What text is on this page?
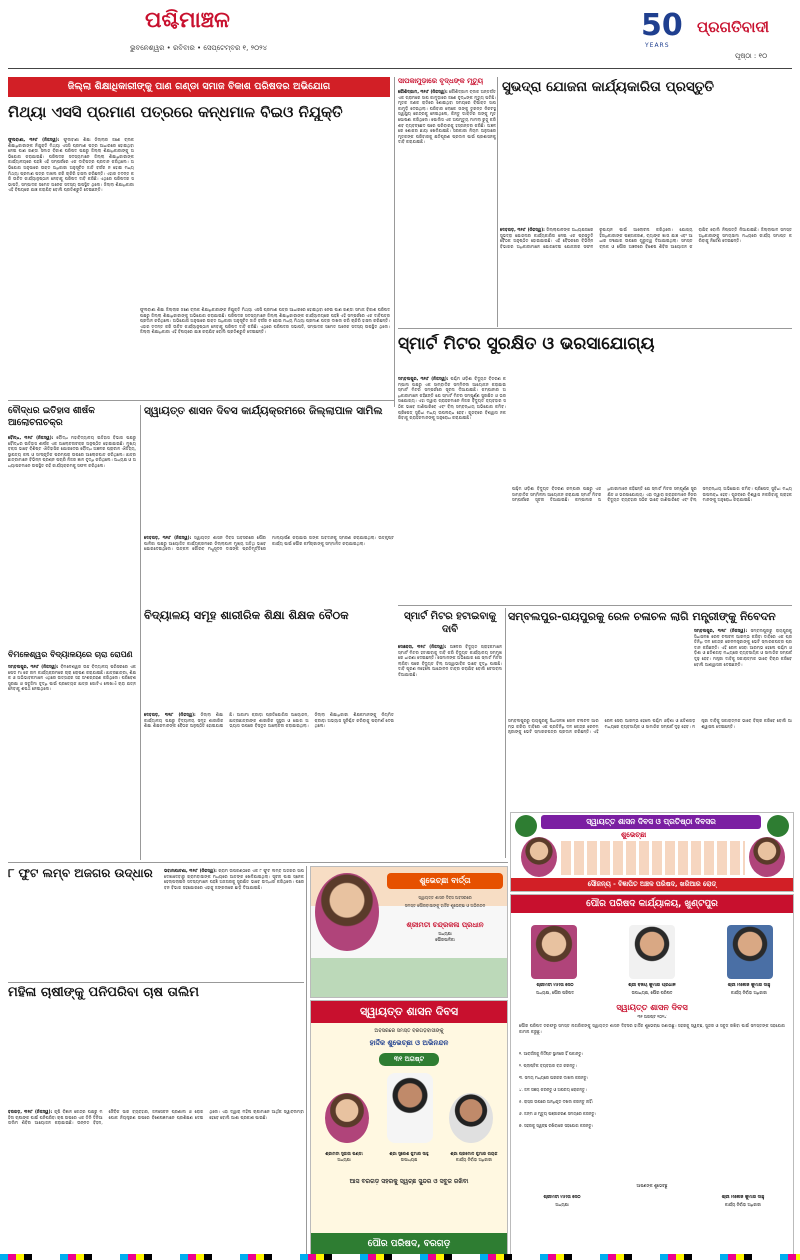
ପଶ୍ଚିମାଞ୍ଚଳ
ଭୁବନେଶ୍ୱର • ରବିବାର • ସେପ୍ଟେମ୍ବର ୧, ୨୦୨୪
50
YEARS
ପ୍ରଗତିବାଦୀ
ପୃଷ୍ଠା : ୧୦
ଜିଲ୍ଲା ଶିକ୍ଷାଧିକାରୀଙ୍କୁ ପାଣ ଗଣ୍ଡା ସମାଜ ବିକାଶ ପରିଷଦର ଅଭିଯୋଗ
ମିଥ୍ୟା ଏସସି ପ୍ରମାଣ ପତ୍ରରେ କନ୍ଧମାଳ ବିଇଓ ନିଯୁକ୍ତି
ଫୁଲବାଣୀ, ୩୧ା୮ (ନିଜସ୍ୱ): ଫୁଲବାଣୀ ଶିକ୍ଷା ଜିଲ୍ଲାର ଜଣେ ବ୍ଲକ ଶିକ୍ଷାଧିକାରୀଙ୍କ ନିଯୁକ୍ତି ମିଥ୍ୟା ଏସସି ପ୍ରମାଣ ପତ୍ର ଆଧାରରେ ହୋଇଥିବା ନେଇ ପାଣ ଗଣ୍ଡା ସମାଜ ବିକାଶ ପରିଷଦ ପକ୍ଷରୁ ଜିଲ୍ଲା ଶିକ୍ଷାଧିକାରୀଙ୍କୁ ଅଭିଯୋଗ କରାଯାଇଛି। ପରିଷଦର ସଦସ୍ୟମାନେ ଜିଲ୍ଲା ଶିକ୍ଷାଧିକାରୀଙ୍କ କାର୍ଯ୍ୟାଳୟରେ ପହଞ୍ଚି ଏହି ସମ୍ପର୍କରେ ଏକ ଦାବିପତ୍ର ପ୍ରଦାନ କରିଥିଲେ। ଅଭିଯୋଗ ଅନୁସାରେ ଉକ୍ତ ଅଧିକାରୀ ଅନୁସୂଚିତ ଜାତି ବର୍ଗର ନ ହୋଇ ମଧ୍ୟ ମିଥ୍ୟା ପ୍ରମାଣ ପତ୍ର ଦାଖଲ କରି ଚାକିରି ହାସଲ କରିଛନ୍ତି। ଏହାର ତଦନ୍ତ କରି ଉଚିତ କାର୍ଯ୍ୟାନୁଷ୍ଠାନ ନେବାକୁ ପରିଷଦ ଦାବି କରିଛି। ଏଥିରେ ପରିଷଦର ସଭାପତି, ସମ୍ପାଦକ ସମେତ ଅନେକ ସଦସ୍ୟ ଉପସ୍ଥିତ ଥିଲେ। ଜିଲ୍ଲା ଶିକ୍ଷାଧିକାରୀ ଏହି ବିଷୟରେ ଯାଞ୍ଚ କରାଯିବ ବୋଲି ପ୍ରତିଶ୍ରୁତି ଦେଇଛନ୍ତି।
ଫୁଲବାଣୀ ଶିକ୍ଷା ଜିଲ୍ଲାର ଜଣେ ବ୍ଲକ ଶିକ୍ଷାଧିକାରୀଙ୍କ ନିଯୁକ୍ତି ମିଥ୍ୟା ଏସସି ପ୍ରମାଣ ପତ୍ର ଆଧାରରେ ହୋଇଥିବା ନେଇ ପାଣ ଗଣ୍ଡା ସମାଜ ବିକାଶ ପରିଷଦ ପକ୍ଷରୁ ଜିଲ୍ଲା ଶିକ୍ଷାଧିକାରୀଙ୍କୁ ଅଭିଯୋଗ କରାଯାଇଛି। ପରିଷଦର ସଦସ୍ୟମାନେ ଜିଲ୍ଲା ଶିକ୍ଷାଧିକାରୀଙ୍କ କାର୍ଯ୍ୟାଳୟରେ ପହଞ୍ଚି ଏହି ସମ୍ପର୍କରେ ଏକ ଦାବିପତ୍ର ପ୍ରଦାନ କରିଥିଲେ। ଅଭିଯୋଗ ଅନୁସାରେ ଉକ୍ତ ଅଧିକାରୀ ଅନୁସୂଚିତ ଜାତି ବର୍ଗର ନ ହୋଇ ମଧ୍ୟ ମିଥ୍ୟା ପ୍ରମାଣ ପତ୍ର ଦାଖଲ କରି ଚାକିରି ହାସଲ କରିଛନ୍ତି। ଏହାର ତଦନ୍ତ କରି ଉଚିତ କାର୍ଯ୍ୟାନୁଷ୍ଠାନ ନେବାକୁ ପରିଷଦ ଦାବି କରିଛି। ଏଥିରେ ପରିଷଦର ସଭାପତି, ସମ୍ପାଦକ ସମେତ ଅନେକ ସଦସ୍ୟ ଉପସ୍ଥିତ ଥିଲେ। ଜିଲ୍ଲା ଶିକ୍ଷାଧିକାରୀ ଏହି ବିଷୟରେ ଯାଞ୍ଚ କରାଯିବ ବୋଲି ପ୍ରତିଶ୍ରୁତି ଦେଇଛନ୍ତି।
ସାପକାମୁଡ଼ାରେ ବୃଦ୍ଧଙ୍କ ମୃତ୍ୟୁ
କୌଶିଦ୍ଗାମ, ୩୧ା୮ (ନିଜସ୍ୱ): କୌଶିଦ୍ଗାମ ବ୍ଲକ ଅନ୍ତର୍ଗତ ଏକ ଗ୍ରାମରେ ସାପ କାମୁଡ଼ାରେ ଜଣେ ବୃଦ୍ଧଙ୍କ ମୃତ୍ୟୁ ଘଟିଛି। ମୃତକ ଜଣକ ରାତିରେ ଶୋଇଥିବା ସମୟରେ ବିଷାକ୍ତ ସାପ କାମୁଡ଼ି ଦେଇଥିଲା। ପରିବାର ଲୋକେ ତାଙ୍କୁ ତୁରନ୍ତ ନିକଟସ୍ଥ ସ୍ୱାସ୍ଥ୍ୟ କେନ୍ଦ୍ରକୁ ନେଇଥିଲେ, କିନ୍ତୁ ଡାକ୍ତର ତାଙ୍କୁ ମୃତ ଘୋଷଣା କରିଥିଲେ। ପୋଲିସ ଏକ ଅପମୃତ୍ୟୁ ମାମଲା ରୁଜୁ କରି ଶବ ବ୍ୟବଚ୍ଛେଦ ପରେ ପରିବାରକୁ ହସ୍ତାନ୍ତର କରିଛି। ଅଞ୍ଚଳରେ ଶୋକର ଛାୟା ଖେଳିଯାଇଛି। ସରକାରୀ ନିୟମ ଅନୁସାରେ ମୃତକଙ୍କ ପରିବାରକୁ କ୍ଷତିପୂରଣ ପ୍ରଦାନ ପାଇଁ ପ୍ରଶାସନକୁ ଦାବି କରାଯାଇଛି।
ସୁଭଦ୍ରା ଯୋଜନା କାର୍ଯ୍ୟକାରିତା ପ୍ରସ୍ତୁତି
ଦେବଗଡ଼, ୩୧ା୮ (ନିଜସ୍ୱ): ଜିଲ୍ଲାପାଳଙ୍କ ଅଧ୍ୟକ୍ଷତାରେ ସୁଭଦ୍ରା ଯୋଜନାର କାର୍ଯ୍ୟକାରିତା ନେଇ ଏକ ପ୍ରସ୍ତୁତି ବୈଠକ ଅନୁଷ୍ଠିତ ହୋଇଯାଇଛି। ଏହି ବୈଠକରେ ବିଭିନ୍ନ ବିଭାଗର ଅଧିକାରୀମାନେ ଯୋଗଦେଇ ଯୋଜନାର ସଫଳ ରୂପାୟନ ପାଇଁ ଆଲୋଚନା କରିଥିଲେ। ଯୋଗ୍ୟ ହିତାଧିକାରୀଙ୍କ ପଞ୍ଜୀକରଣ, ବ୍ୟାଙ୍କ ଖାତା ଯାଞ୍ଚ ଏବଂ ଆଧାର ସଂଯୋଗ ଉପରେ ଗୁରୁତ୍ୱ ଦିଆଯାଇଥିଲା। ସମସ୍ତ ବ୍ଲକ ଓ ପୌର ଅଞ୍ଚଳରେ ବିଶେଷ ଶିବିର ଆୟୋଜନ କରାଯିବ ବୋଲି ନିଷ୍ପତ୍ତି ନିଆଯାଇଛି। ଜିଲ୍ଲାପାଳ ସମସ୍ତ ଅଧିକାରୀଙ୍କୁ ସମୟସୀମା ମଧ୍ୟରେ କାର୍ଯ୍ୟ ସମାପ୍ତ କରିବାକୁ ନିର୍ଦ୍ଦେଶ ଦେଇଛନ୍ତି।
ସ୍ମାର୍ଟ ମିଟର ସୁରକ୍ଷିତ ଓ ଭରସାଯୋଗ୍ୟ
ସମ୍ବଲପୁର, ୩୧ା୮ (ନିଜସ୍ୱ): ପଶ୍ଚିମ ଓଡ଼ିଶା ବିଦ୍ୟୁତ ବିତରଣ କମ୍ପାନୀ ପକ୍ଷରୁ ଏକ ସାମ୍ବାଦିକ ସମ୍ମିଳନୀ ଆୟୋଜନ କରାଯାଇ ସ୍ମାର୍ଟ ମିଟର ସମ୍ପର୍କରେ ସୂଚନା ଦିଆଯାଇଛି। କମ୍ପାନୀର ଅଧିକାରୀମାନେ କହିଛନ୍ତି ଯେ ସ୍ମାର୍ଟ ମିଟର ସମ୍ପୂର୍ଣ୍ଣ ସୁରକ୍ଷିତ ଓ ଭରସାଯୋଗ୍ୟ। ଏହା ଦ୍ୱାରା ଗ୍ରାହକମାନେ ନିଜର ବିଦ୍ୟୁତ ବ୍ୟବହାର ସଠିକ ଭାବେ ଜାଣିପାରିବେ ଏବଂ ବିଲ୍ ସମ୍ବନ୍ଧୀୟ ଅଭିଯୋଗ କମିବ। ପ୍ରିପେଡ୍ ସୁବିଧା ମଧ୍ୟ ଉପଲବ୍ଧ ହେବ। ଗୁଜବରେ ବିଶ୍ୱାସ ନକରିବାକୁ ଗ୍ରାହକମାନଙ୍କୁ ଅନୁରୋଧ କରାଯାଇଛି।
ପଶ୍ଚିମ ଓଡ଼ିଶା ବିଦ୍ୟୁତ ବିତରଣ କମ୍ପାନୀ ପକ୍ଷରୁ ଏକ ସାମ୍ବାଦିକ ସମ୍ମିଳନୀ ଆୟୋଜନ କରାଯାଇ ସ୍ମାର୍ଟ ମିଟର ସମ୍ପର୍କରେ ସୂଚନା ଦିଆଯାଇଛି। କମ୍ପାନୀର ଅଧିକାରୀମାନେ କହିଛନ୍ତି ଯେ ସ୍ମାର୍ଟ ମିଟର ସମ୍ପୂର୍ଣ୍ଣ ସୁରକ୍ଷିତ ଓ ଭରସାଯୋଗ୍ୟ। ଏହା ଦ୍ୱାରା ଗ୍ରାହକମାନେ ନିଜର ବିଦ୍ୟୁତ ବ୍ୟବହାର ସଠିକ ଭାବେ ଜାଣିପାରିବେ ଏବଂ ବିଲ୍ ସମ୍ବନ୍ଧୀୟ ଅଭିଯୋଗ କମିବ। ପ୍ରିପେଡ୍ ସୁବିଧା ମଧ୍ୟ ଉପଲବ୍ଧ ହେବ। ଗୁଜବରେ ବିଶ୍ୱାସ ନକରିବାକୁ ଗ୍ରାହକମାନଙ୍କୁ ଅନୁରୋଧ କରାଯାଇଛି।
ବୌଦ୍ଧର ଇତିହାସ ଶୀର୍ଷକ ଆଲୋଚନାଚକ୍ର
ବୌଦ୍ଧ, ୩୧ା୮ (ନିଜସ୍ୱ): ବୌଦ୍ଧ ମହାବିଦ୍ୟାଳୟ ଇତିହାସ ବିଭାଗ ପକ୍ଷରୁ ବୌଦ୍ଧର ଇତିହାସ ଶୀର୍ଷକ ଏକ ଆଲୋଚନାଚକ୍ର ଅନୁଷ୍ଠିତ ହୋଇଯାଇଛି। ମୁଖ୍ୟ ବକ୍ତା ଭାବେ ବିଶିଷ୍ଟ ଐତିହାସିକ ଯୋଗଦେଇ ବୌଦ୍ଧ ଅଞ୍ଚଳର ପ୍ରାଚୀନ ଐତିହ୍ୟ, ସ୍ଥାପତ୍ୟ କଳା ଓ ସାଂସ୍କୃତିକ ପରମ୍ପରା ଉପରେ ଆଲୋକପାତ କରିଥିଲେ। ଛାତ୍ରଛାତ୍ରୀମାନେ ବିଭିନ୍ନ ପ୍ରଶ୍ନ ପଚାରି ନିଜର ଜ୍ଞାନ ବୃଦ୍ଧି କରିଥିଲେ। ଅଧ୍ୟକ୍ଷ ଓ ଅଧ୍ୟାପକମାନେ ଉପସ୍ଥିତ ରହି କାର୍ଯ୍ୟକ୍ରମକୁ ସଫଳ କରିଥିଲେ।
ସ୍ୱାୟତ୍ତ ଶାସନ ଦିବସ କାର୍ଯ୍ୟକ୍ରମରେ ଜିଲ୍ଲାପାଳ ସାମିଲ
ଦେବଗଡ଼, ୩୧ା୮ (ନିଜସ୍ୱ): ସ୍ୱାୟତ୍ତ ଶାସନ ଦିବସ ଅବସରରେ ପୌରପାଳିକା ପକ୍ଷରୁ ଆୟୋଜିତ କାର୍ଯ୍ୟକ୍ରମରେ ଜିଲ୍ଲାପାଳ ମୁଖ୍ୟ ଅତିଥି ଭାବେ ଯୋଗଦେଇଥିଲେ। ଉତ୍କଳ ଗୌରବ ମଧୁସୂଦନ ଦାସଙ୍କ ପ୍ରତିମୂର୍ତ୍ତିରେ ମାଲ୍ୟାର୍ପଣ କରାଯାଇ ତାଙ୍କ ଅବଦାନକୁ ସ୍ମରଣ କରାଯାଇଥିଲା। ଉତ୍କୃଷ୍ଟ କାର୍ଯ୍ୟ ପାଇଁ ପୌର କର୍ମଚାରୀଙ୍କୁ ସମ୍ମାନିତ କରାଯାଇଥିଲା।
ବିଦ୍ୟାଳୟ ସମୂହ ଶାରୀରିକ ଶିକ୍ଷା ଶିକ୍ଷକ ବୈଠକ
ଦେବଗଡ଼, ୩୧ା୮ (ନିଜସ୍ୱ): ଜିଲ୍ଲା ଶିକ୍ଷା କାର୍ଯ୍ୟାଳୟ ପକ୍ଷରୁ ବିଦ୍ୟାଳୟ ସମୂହ ଶାରୀରିକ ଶିକ୍ଷା ଶିକ୍ଷକମାନଙ୍କ ବୈଠକ ଅନୁଷ୍ଠିତ ହୋଇଯାଇଛି। ଆଗାମୀ କ୍ରୀଡ଼ା ପ୍ରତିଯୋଗିତା ଆୟୋଜନ, ଛାତ୍ରଛାତ୍ରୀଙ୍କ ଶାରୀରିକ ସୁସ୍ଥତା ଓ ଯୋଗ ଅଭ୍ୟାସ ଉପରେ ବିସ୍ତୃତ ଆଲୋଚନା କରାଯାଇଥିଲା। ଜିଲ୍ଲା ଶିକ୍ଷାଧିକାରୀ ଶିକ୍ଷକମାନଙ୍କୁ ନିୟମିତ କ୍ରୀଡ଼ା ଅଭ୍ୟାସ ସୁନିଶ୍ଚିତ କରିବାକୁ ପରାମର୍ଶ ଦେଇଥିଲେ।
ବିମଳେଶ୍ୱର ବିଦ୍ୟାଳୟରେ ଚାରା ରୋପଣ
ସମ୍ବଲପୁର, ୩୧ା୮ (ନିଜସ୍ୱ): ବିମଳେଶ୍ୱର ଉଚ୍ଚ ବିଦ୍ୟାଳୟ ପରିସରରେ ଏକ ପେଡ ମା କେ ନାମ କାର୍ଯ୍ୟକ୍ରମରେ ଚାରା ରୋପଣ କରାଯାଇଛି। ଛାତ୍ରଛାତ୍ରୀ, ଶିକ୍ଷକ ଓ ଅଭିଭାବକମାନେ ଏଥିରେ ଉତ୍ସାହର ସହ ଅଂଶଗ୍ରହଣ କରିଥିଲେ। ପରିବେଶ ସୁରକ୍ଷା ଓ ସବୁଜିମା ବୃଦ୍ଧି ପାଇଁ ପ୍ରତ୍ୟେକ ଛାତ୍ର ଗୋଟିଏ ଲେଖାଏଁ ଚାରା ଯତ୍ନ ନେବାକୁ ଶପଥ ନେଇଥିଲେ।
ସ୍ମାର୍ଟ ମିଟର ହଟାଇବାକୁ ଦାବି
ସୋହେଲା, ୩୧ା୮ (ନିଜସ୍ୱ): ଅଞ୍ଚଳର ବିଦ୍ୟୁତ ଗ୍ରାହକମାନେ ସ୍ମାର୍ଟ ମିଟର ହଟାଇବାକୁ ଦାବି କରି ବିଦ୍ୟୁତ କାର୍ଯ୍ୟାଳୟ ସମ୍ମୁଖରେ ଧାରଣା ଦେଇଛନ୍ତି। ସେମାନଙ୍କ ଅଭିଯୋଗ ଯେ ସ୍ମାର୍ଟ ମିଟର ଲାଗିବା ପରେ ବିଦ୍ୟୁତ ବିଲ୍ ଅସ୍ୱାଭାବିକ ଭାବେ ବୃଦ୍ଧି ପାଇଛି। ଦାବି ପୂରଣ ନହେଲେ ଆନ୍ଦୋଳନ ତୀବ୍ର କରାଯିବ ବୋଲି ଚେତାବନୀ ଦିଆଯାଇଛି।
ସମ୍ବଲପୁର-ରାୟପୁରକୁ ରେଳ ଚଳାଚଳ ଲାଗି ମନ୍ତ୍ରୀଙ୍କୁ ନିବେଦନ
ସମ୍ବଲପୁର, ୩୧ା୮ (ନିଜସ୍ୱ): ସମ୍ବଲପୁରରୁ ରାୟପୁରକୁ ସିଧାସଳଖ ରେଳ ଚଳାଚଳ ଆରମ୍ଭ କରିବା ଦାବିରେ ଏକ ପ୍ରତିନିଧି ଦଳ କେନ୍ଦ୍ର ରେଳମନ୍ତ୍ରୀଙ୍କୁ ଭେଟି ସ୍ମାରକପତ୍ର ପ୍ରଦାନ କରିଛନ୍ତି। ଏହି ରେଳ ସେବା ଆରମ୍ଭ ହେଲେ ପଶ୍ଚିମ ଓଡ଼ିଶା ଓ ଛତିଶଗଡ଼ ମଧ୍ୟରେ ବ୍ୟବସାୟିକ ଓ ସାମାଜିକ ସମ୍ପର୍କ ଦୃଢ଼ ହେବ। ମନ୍ତ୍ରୀ ଦାବିକୁ ସକାରାତ୍ମକ ଭାବେ ବିଚାର କରିବେ ବୋଲି ଆଶ୍ୱାସନା ଦେଇଛନ୍ତି।
ସମ୍ବଲପୁରରୁ ରାୟପୁରକୁ ସିଧାସଳଖ ରେଳ ଚଳାଚଳ ଆରମ୍ଭ କରିବା ଦାବିରେ ଏକ ପ୍ରତିନିଧି ଦଳ କେନ୍ଦ୍ର ରେଳମନ୍ତ୍ରୀଙ୍କୁ ଭେଟି ସ୍ମାରକପତ୍ର ପ୍ରଦାନ କରିଛନ୍ତି। ଏହି ରେଳ ସେବା ଆରମ୍ଭ ହେଲେ ପଶ୍ଚିମ ଓଡ଼ିଶା ଓ ଛତିଶଗଡ଼ ମଧ୍ୟରେ ବ୍ୟବସାୟିକ ଓ ସାମାଜିକ ସମ୍ପର୍କ ଦୃଢ଼ ହେବ। ମନ୍ତ୍ରୀ ଦାବିକୁ ସକାରାତ୍ମକ ଭାବେ ବିଚାର କରିବେ ବୋଲି ଆଶ୍ୱାସନା ଦେଇଛନ୍ତି।
ସ୍ୱାୟତ୍ତ ଶାସନ ଦିବସ ଓ ପ୍ରତିଷ୍ଠା ଦିବସର
ଶୁଭେଚ୍ଛା
ସୌଜନ୍ୟ - ବିଜ୍ଞାପିତ ଅଞ୍ଚଳ ପରିଷଦ, ଖରିଆର ରୋଡ୍
୮ ଫୁଟ ଲମ୍ବ ଅଜଗର ଉଦ୍ଧାର	ଭବାନୀପାଟଣା, ୩୧ା୮ (ନିଜସ୍ୱ): ଗ୍ରାମ ଉପକଣ୍ଠରେ ଏକ ୮ ଫୁଟ ଲମ୍ବ ଅଜଗର ସାପ ଦେଖାଦେବାରୁ ଗ୍ରାମବାସୀଙ୍କ ମଧ୍ୟରେ ଆତଙ୍କ ଖେଳିଯାଇଥିଲା। ସୂଚନା ପାଇ ସ୍ନେକ ହେଲ୍ପଲାଇନ ସଦସ୍ୟମାନେ ପହଞ୍ଚି ଅଜଗରକୁ ସୁରକ୍ଷିତ ଭାବେ ଉଦ୍ଧାର କରିଥିଲେ। ପରେ ବନ ବିଭାଗ ସହଯୋଗରେ ଏହାକୁ ଜଙ୍ଗଲରେ ଛାଡ଼ି ଦିଆଯାଇଛି।
ମହିଳା ଚାଷୀଙ୍କୁ ପନିପରିବା ଚାଷ ତାଲିମ
ବରଗଡ଼, ୩୧ା୮ (ନିଜସ୍ୱ): କୃଷି ବିଜ୍ଞାନ କେନ୍ଦ୍ର ପକ୍ଷରୁ ମହିଳା ଚାଷୀଙ୍କ ପାଇଁ ପନିପରିବା ଚାଷ ଉପରେ ଏକ ତିନି ଦିନିଆ ତାଲିମ ଶିବିର ଆୟୋଜନ କରାଯାଇଛି। ଉନ୍ନତ ବିହନ, ଜୈବିକ ସାର ବ୍ୟବହାର, ଜଳସେଚନ ପ୍ରଣାଳୀ ଓ ରୋଗ ପୋକ ନିୟନ୍ତ୍ରଣ ଉପରେ ବିଶେଷଜ୍ଞମାନେ ପ୍ରଶିକ୍ଷଣ ଦେଇଥିଲେ। ଏହା ଦ୍ୱାରା ମହିଳା ଚାଷୀମାନେ ଆର୍ଥିକ ସ୍ୱାବଲମ୍ବୀ ହେବେ ବୋଲି ଆଶା ପ୍ରକାଶ ପାଇଛି।
ଶୁଭେଚ୍ଛା ବାର୍ତ୍ତା
ସ୍ୱାୟତ୍ତ ଶାସନ ଦିବସ ଅବସରରେ
ସମସ୍ତ ପୌରବାସୀଙ୍କୁ ହାର୍ଦ୍ଦିକ ଶୁଭେଚ୍ଛା ଓ ଅଭିନନ୍ଦନ
ଶ୍ରୀମତୀ ଚନ୍ଦ୍ରକଳା ପ୍ରଧାନ
ଅଧ୍ୟକ୍ଷା
ପୌରପାଳିକା
ପୌର ପରିଷଦ କାର୍ଯ୍ୟାଳୟ, ଖୁଣ୍ଟପୁର
ଶ୍ରୀମତୀ ମମତା ସେଠ
ଅଧ୍ୟକ୍ଷା, ପୌର ପରିଷଦ
ଶ୍ରୀ ବିଜୟ କୁମାର ପ୍ରଧାନ
ଉପାଧ୍ୟକ୍ଷ, ପୌର ପରିଷଦ
ଶ୍ରୀ ମନୋଜ କୁମାର ସାହୁ
କାର୍ଯ୍ୟ ନିର୍ବାହୀ ଅଧିକାରୀ
ସ୍ୱାୟତ୍ତ ଶାସନ ଦିବସ
୩୧ ଅଗଷ୍ଟ ୨୦୨୪
ପୌର ପରିଷଦ ତରଫରୁ ସମସ୍ତ ନାଗରିକଙ୍କୁ ସ୍ୱାୟତ୍ତ ଶାସନ ଦିବସର ହାର୍ଦ୍ଦିକ ଶୁଭେଚ୍ଛା ଜଣାଉଛୁ। ସହରକୁ ସ୍ୱଚ୍ଛ, ସୁନ୍ଦର ଓ ସବୁଜ ରଖିବା ପାଇଁ ସମସ୍ତଙ୍କ ସହଯୋଗ କାମନା କରୁଛୁ।
୧. ଆବର୍ଜନାକୁ ନିର୍ଦ୍ଦିଷ୍ଟ ସ୍ଥାନରେ ହିଁ ପକାନ୍ତୁ।
୨. ପ୍ଲାଷ୍ଟିକ ବ୍ୟବହାର ବନ୍ଦ କରନ୍ତୁ।
୩. ସମୟ ମଧ୍ୟରେ ଘରକର ଦାଖଲ କରନ୍ତୁ।
୪. ଜଳ ସଞ୍ଚୟ କରନ୍ତୁ ଓ ଅପଚୟ ରୋକନ୍ତୁ।
୫. ରାସ୍ତା ଉପରେ ଅନଧିକୃତ ଦଖଲ କରନ୍ତୁ ନାହିଁ।
୬. ଜନ୍ମ ଓ ମୃତ୍ୟୁ ପଞ୍ଜୀକରଣ ସମୟରେ କରନ୍ତୁ।
୭. ସହରକୁ ସ୍ୱଚ୍ଛ ରଖିବାରେ ସହଯୋଗ କରନ୍ତୁ।
ଆପଣଙ୍କ ଶୁଭେଚ୍ଛୁ
ଶ୍ରୀମତୀ ମମତା ସେଠ
ଅଧ୍ୟକ୍ଷା
ଶ୍ରୀ ମନୋଜ କୁମାର ସାହୁ
କାର୍ଯ୍ୟ ନିର୍ବାହୀ ଅଧିକାରୀ
ସ୍ୱାୟତ୍ତ ଶାସନ ଦିବସ
ଅବସରରେ ସମସ୍ତ ବରଗଡ଼ବାସୀଙ୍କୁ
ହାର୍ଦ୍ଦିକ ଶୁଭେଚ୍ଛା ଓ ଅଭିନନ୍ଦନ
୩୧ ଅଗଷ୍ଟ
ଶ୍ରୀମତୀ ସୁଜାତା ପଣ୍ଡା
ଅଧ୍ୟକ୍ଷା
ଶ୍ରୀ ସୁରେଶ କୁମାର ସାହୁ
ଉପାଧ୍ୟକ୍ଷ
ଶ୍ରୀ ପ୍ରମୋଦ କୁମାର ନାୟକ
କାର୍ଯ୍ୟ ନିର୍ବାହୀ ଅଧିକାରୀ
ଆସ ବରଗଡ଼ ସହରକୁ ସ୍ୱଚ୍ଛ ସୁନ୍ଦର ଓ ସବୁଜ ରଖିବା
ପୌର ପରିଷଦ, ବରଗଡ଼
